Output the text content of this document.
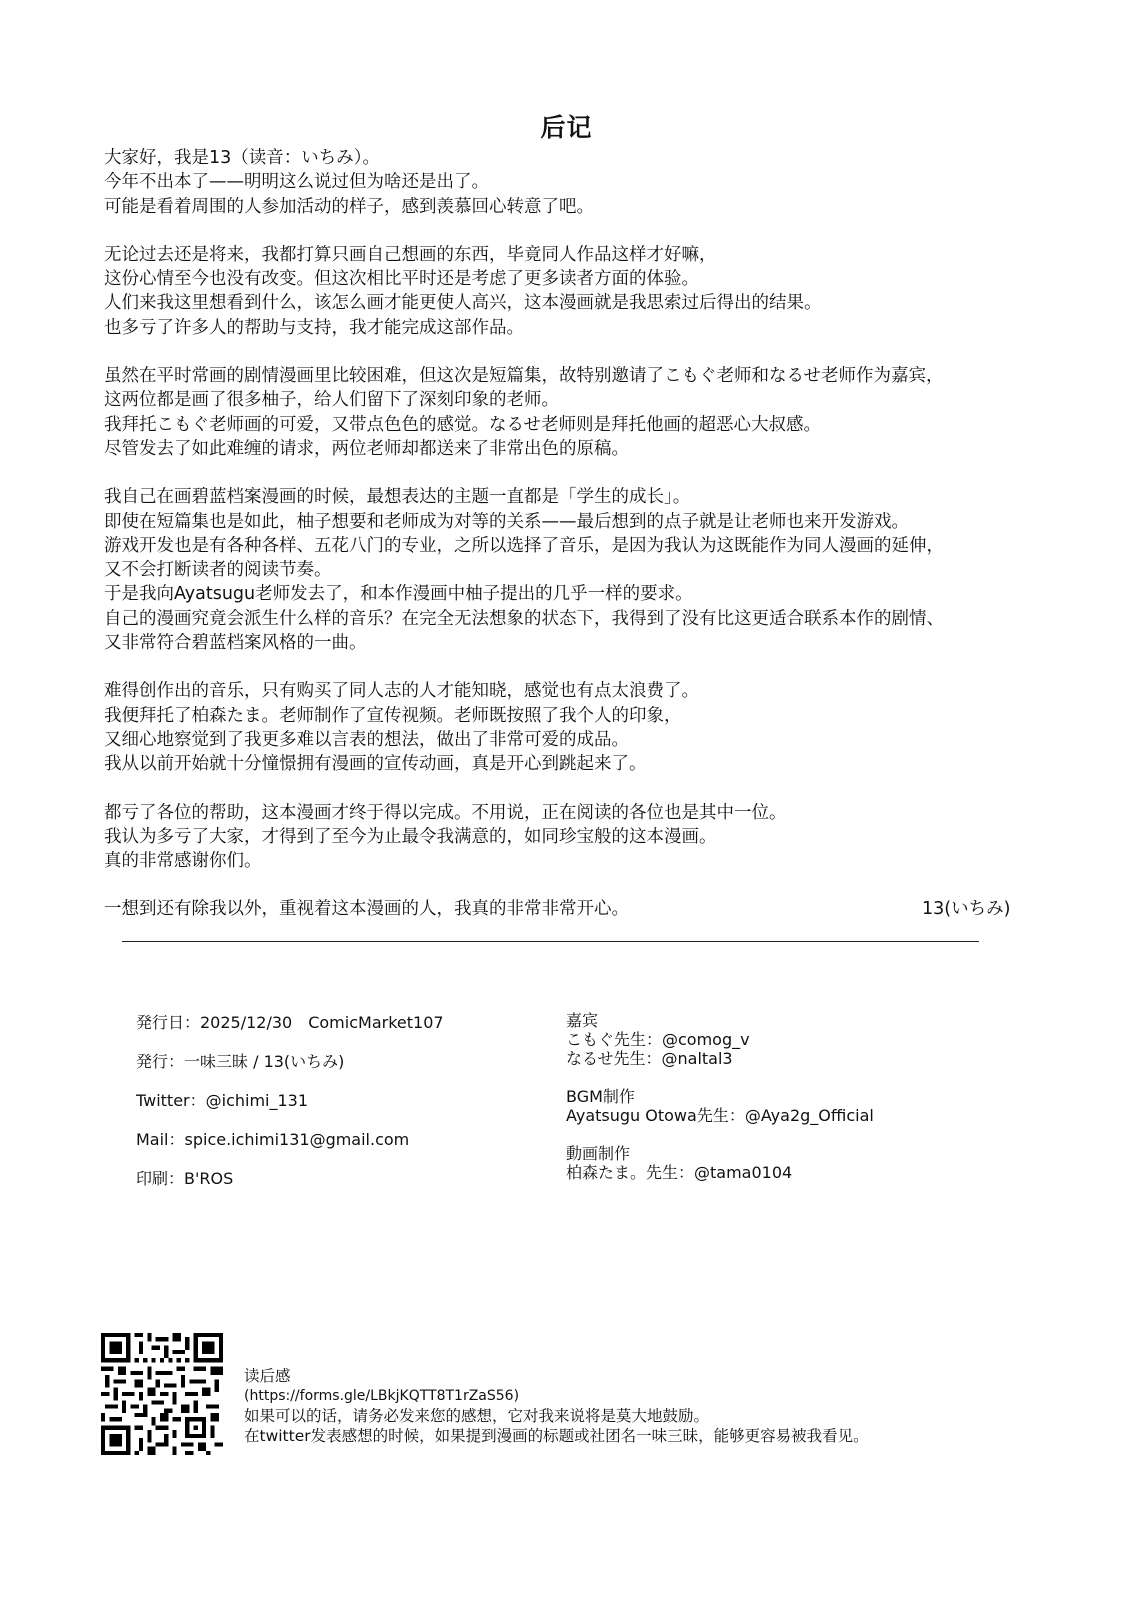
后记

大家好，我是13（读音：いちみ）。
今年不出本了——明明这么说过但为啥还是出了。
可能是看着周围的人参加活动的样子，感到羡慕回心转意了吧。

无论过去还是将来，我都打算只画自己想画的东西，毕竟同人作品这样才好嘛，
这份心情至今也没有改变。但这次相比平时还是考虑了更多读者方面的体验。
人们来我这里想看到什么，该怎么画才能更使人高兴，这本漫画就是我思索过后得出的结果。
也多亏了许多人的帮助与支持，我才能完成这部作品。

虽然在平时常画的剧情漫画里比较困难，但这次是短篇集，故特别邀请了こもぐ老师和なるせ老师作为嘉宾，
这两位都是画了很多柚子，给人们留下了深刻印象的老师。
我拜托こもぐ老师画的可爱，又带点色色的感觉。なるせ老师则是拜托他画的超恶心大叔感。
尽管发去了如此难缠的请求，两位老师却都送来了非常出色的原稿。

我自己在画碧蓝档案漫画的时候，最想表达的主题一直都是「学生的成长」。
即使在短篇集也是如此，柚子想要和老师成为对等的关系——最后想到的点子就是让老师也来开发游戏。
游戏开发也是有各种各样、五花八门的专业，之所以选择了音乐，是因为我认为这既能作为同人漫画的延伸，
又不会打断读者的阅读节奏。
于是我向Ayatsugu老师发去了，和本作漫画中柚子提出的几乎一样的要求。
自己的漫画究竟会派生什么样的音乐？在完全无法想象的状态下，我得到了没有比这更适合联系本作的剧情、
又非常符合碧蓝档案风格的一曲。

难得创作出的音乐，只有购买了同人志的人才能知晓，感觉也有点太浪费了。
我便拜托了柏森たま。老师制作了宣传视频。老师既按照了我个人的印象，
又细心地察觉到了我更多难以言表的想法，做出了非常可爱的成品。
我从以前开始就十分憧憬拥有漫画的宣传动画，真是开心到跳起来了。

都亏了各位的帮助，这本漫画才终于得以完成。不用说，正在阅读的各位也是其中一位。
我认为多亏了大家，才得到了至今为止最令我满意的，如同珍宝般的这本漫画。
真的非常感谢你们。

一想到还有除我以外，重视着这本漫画的人，我真的非常非常开心。	13(いちみ)
発行日：2025/12/30　ComicMarket107
発行：一味三昧 / 13(いちみ)
Twitter：@ichimi_131
Mail：spice.ichimi131@gmail.com
印刷：B'ROS
嘉宾
こもぐ先生：@comog_v
なるせ先生：@naltal3
BGM制作
Ayatsugu Otowa先生：@Aya2g_Official
動画制作
柏森たま。先生：@tama0104
读后感
(https://forms.gle/LBkjKQTT8T1rZaS56)
如果可以的话，请务必发来您的感想，它对我来说将是莫大地鼓励。
在twitter发表感想的时候，如果提到漫画的标题或社团名一味三昧，能够更容易被我看见。
